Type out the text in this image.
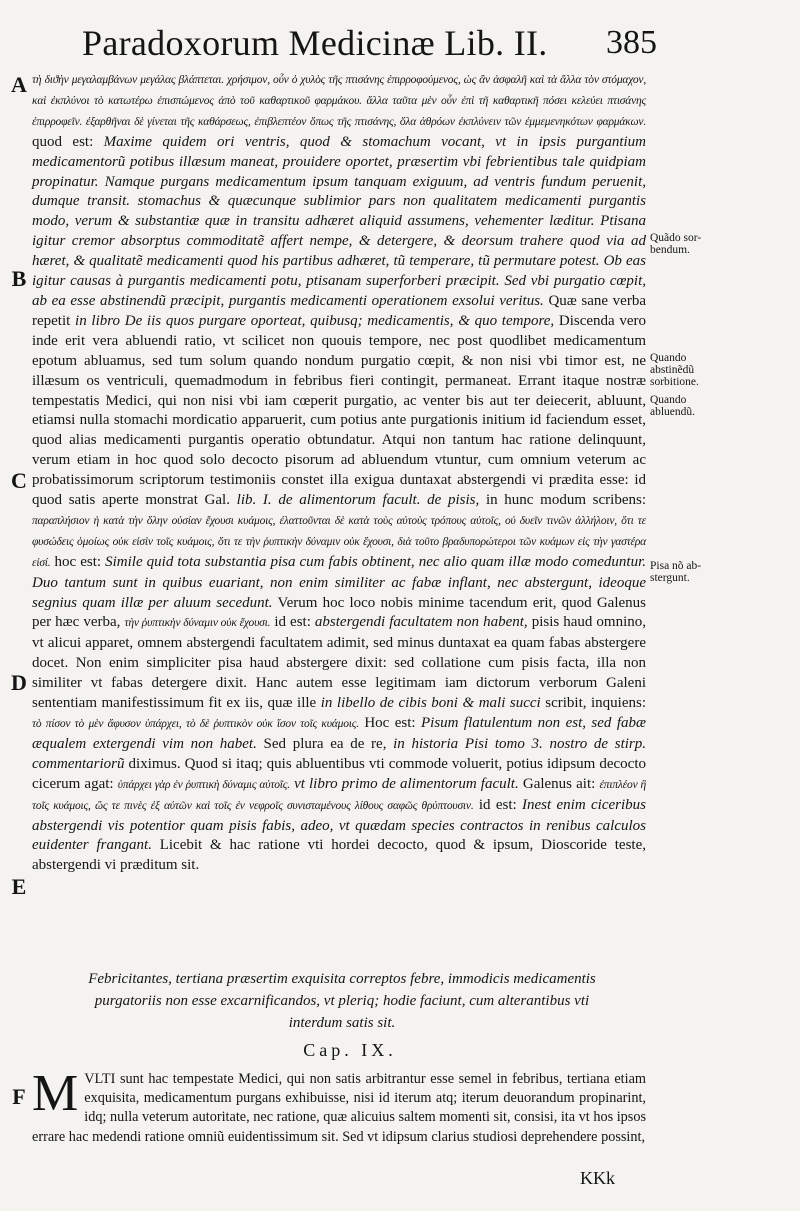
Paradoxorum Medicinæ Lib. II. 385
A
B
C
D
E
F
Quãdo sor-bendum.
Quando abstinẽdũ sorbitione.
Quando abluendũ.
Pisa nõ ab-stergunt.

τὴ διϑὴν μεγαλαμβάνων μεγάλας βλάπτεται. χρήσιμον, οὖν ὁ χυλὸς τῆς πτισάνης ἐπιρροφούμενος, ὡς ἂν ἀσφαλῆ καὶ τὰ ἄλλα τὸν στόμαχον, καὶ ἐκπλύνοι τὸ κατωτέρω ἐπισπώμενος ἀπὸ τοῦ καθαρτικοῦ φαρμάκου. ἄλλα ταῦτα μὲν οὖν ἐπὶ τῆ καθαρτικῆ πόσει κελεύει πτισάνης ἐπιρροφεῖν. ἐξαρθῆναι δὲ γίνεται τῆς καθάρσεως, ἐπιβλεπτέον ὅπως τῆς πτισάνης, ὅλα ἀθρόων ἐκπλύνειν τῶν ἐμμεμενηκότων φαρμάκων. quod est: Maxime quidem ori ventris, quod & stomachum vocant, vt in ipsis purgantium medicamentorũ potibus illæsum maneat, prouidere oportet, præsertim vbi febrientibus tale quidpiam propinatur. Namque purgans medicamentum ipsum tanquam exiguum, ad ventris fundum peruenit, dumque transit. stomachus & quæcunque sublimior pars non qualitatem medicamenti purgantis modo, verum & substantiæ quæ in transitu adhæret aliquid assumens, vehementer læditur. Ptisana igitur cremor absorptus commoditatẽ affert nempe, & detergere, & deorsum trahere quod via ad hæret, & qualitatẽ medicamenti quod his partibus adhæret, tũ temperare, tũ permutare potest. Ob eas igitur causas à purgantis medicamenti potu, ptisanam superforberi præcipit. Sed vbi purgatio cœpit, ab ea esse abstinendũ præcipit, purgantis medicamenti operationem exsolui veritus. Quæ sane verba repetit in libro De iis quos purgare oporteat, quibusq; medicamentis, & quo tempore, Discenda vero inde erit vera abluendi ratio, vt scilicet non quouis tempore, nec post quodlibet medicamentum epotum abluamus, sed tum solum quando nondum purgatio cœpit, & non nisi vbi timor est, ne illæsum os ventriculi, quemadmodum in febribus fieri contingit, permaneat. Errant itaque nostræ tempestatis Medici, qui non nisi vbi iam cœperit purgatio, ac venter bis aut ter deiecerit, abluunt, etiamsi nulla stomachi mordicatio apparuerit, cum potius ante purgationis initium id faciendum esset, quod alias medicamenti purgantis operatio obtundatur. Atqui non tantum hac ratione delinquunt, verum etiam in hoc quod solo decocto pisorum ad abluendum vtuntur, cum omnium veterum ac probatissimorum scriptorum testimoniis constet illa exigua duntaxat abstergendi vi prædita esse: id quod satis aperte monstrat Gal. lib. I. de alimentorum facult. de pisis, in hunc modum scribens: παραπλήσιον ἡ κατὰ τὴν ὅλην οὐσίαν ἔχουσι κυάμοις, ἐλαττοῦνται δὲ κατὰ τοὺς αὐτοὺς τρόπους αὐτοῖς, οὐ δυεῖν τινῶν ἀλλήλοιν, ὅτι τε φυσώδεις ὁμοίως οὐκ εἰσὶν τοῖς κυάμοις, ὅτι τε τὴν ῥυπτικὴν δύναμιν οὐκ ἔχουσι, διὰ τοῦτο βραδυπορώτεροι τῶν κυάμων εἰς τὴν γαστέρα εἰσί. hoc est: Simile quid tota substantia pisa cum fabis obtinent, nec alio quam illæ modo comeduntur. Duo tantum sunt in quibus euariant, non enim similiter ac fabæ inflant, nec abstergunt, ideoque segnius quam illæ per aluum secedunt. Verum hoc loco nobis minime tacendum erit, quod Galenus per hæc verba, τὴν ῥυπτικὴν δύναμιν οὐκ ἔχουσι. id est: abstergendi facultatem non habent, pisis haud omnino, vt alicui apparet, omnem abstergendi facultatem adimit, sed minus duntaxat ea quam fabas abstergere docet. Non enim simpliciter pisa haud abstergere dixit: sed collatione cum pisis facta, illa non similiter vt fabas detergere dixit. Hanc autem esse legitimam iam dictorum verborum Galeni sententiam manifestissimum fit ex iis, quæ ille in libello de cibis boni & mali succi scribit, inquiens: τὸ πίσον τὸ μὲν ἄφυσον ὑπάρχει, τὸ δὲ ῥυπτικὸν οὐκ ἴσον τοῖς κυάμοις. Hoc est: Pisum flatulentum non est, sed fabæ æqualem extergendi vim non habet. Sed plura ea de re, in historia Pisi tomo 3. nostro de stirp. commentariorũ diximus. Quod si itaq; quis abluentibus vti commode voluerit, potius idipsum decocto cicerum agat: ὑπάρχει γὰρ ἐν ῥυπτικὴ δύναμις αὐτοῖς. vt libro primo de alimentorum facult. Galenus ait: ἐπιπλέον ἢ τοῖς κυάμοις, ὥς τε πινὲς ἐξ αὐτῶν καὶ τοῖς ἐν νεφροῖς συνισταμένους λίθους σαφῶς θρύπτουσιν. id est: Inest enim ciceribus abstergendi vis potentior quam pisis fabis, adeo, vt quædam species contractos in renibus calculos euidenter frangant. Licebit & hac ratione vti hordei decocto, quod & ipsum, Dioscoride teste, abstergendi vi præditum sit.

Febricitantes, tertiana præsertim exquisita correptos febre, immodicis medicamentis purgatoriis non esse excarnificandos, vt pleriq; hodie faciunt, cum alterantibus vti interdum satis sit.
Cap. IX.
MVLTI sunt hac tempestate Medici, qui non satis arbitrantur esse semel in febribus, tertiana etiam exquisita, medicamentum purgans exhibuisse, nisi id iterum atq; iterum deuorandum propinarint, idq; nulla veterum autoritate, nec ratione, quæ alicuius saltem momenti sit, consisi, ita vt hos ipsos errare hac medendi ratione omniũ euidentissimum sit. Sed vt idipsum clarius studiosi deprehendere possint,
KKk
